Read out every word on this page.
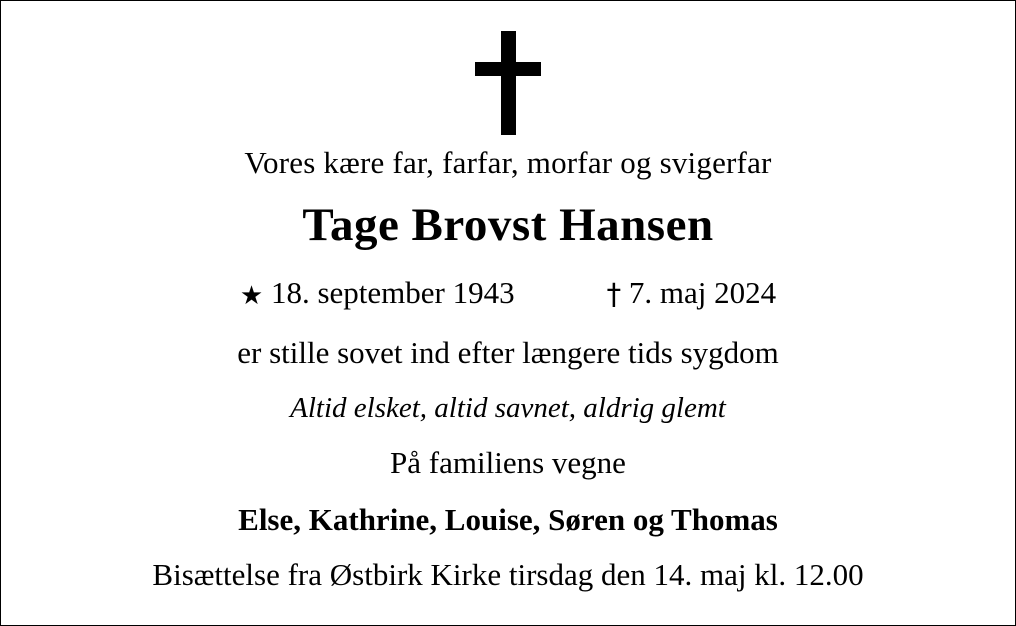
Vores kære far, farfar, morfar og svigerfar
Tage Brovst Hansen
★ 18. september 1943	† 7. maj 2024
er stille sovet ind efter længere tids sygdom
Altid elsket, altid savnet, aldrig glemt
På familiens vegne
Else, Kathrine, Louise, Søren og Thomas
Bisættelse fra Østbirk Kirke tirsdag den 14. maj kl. 12.00
